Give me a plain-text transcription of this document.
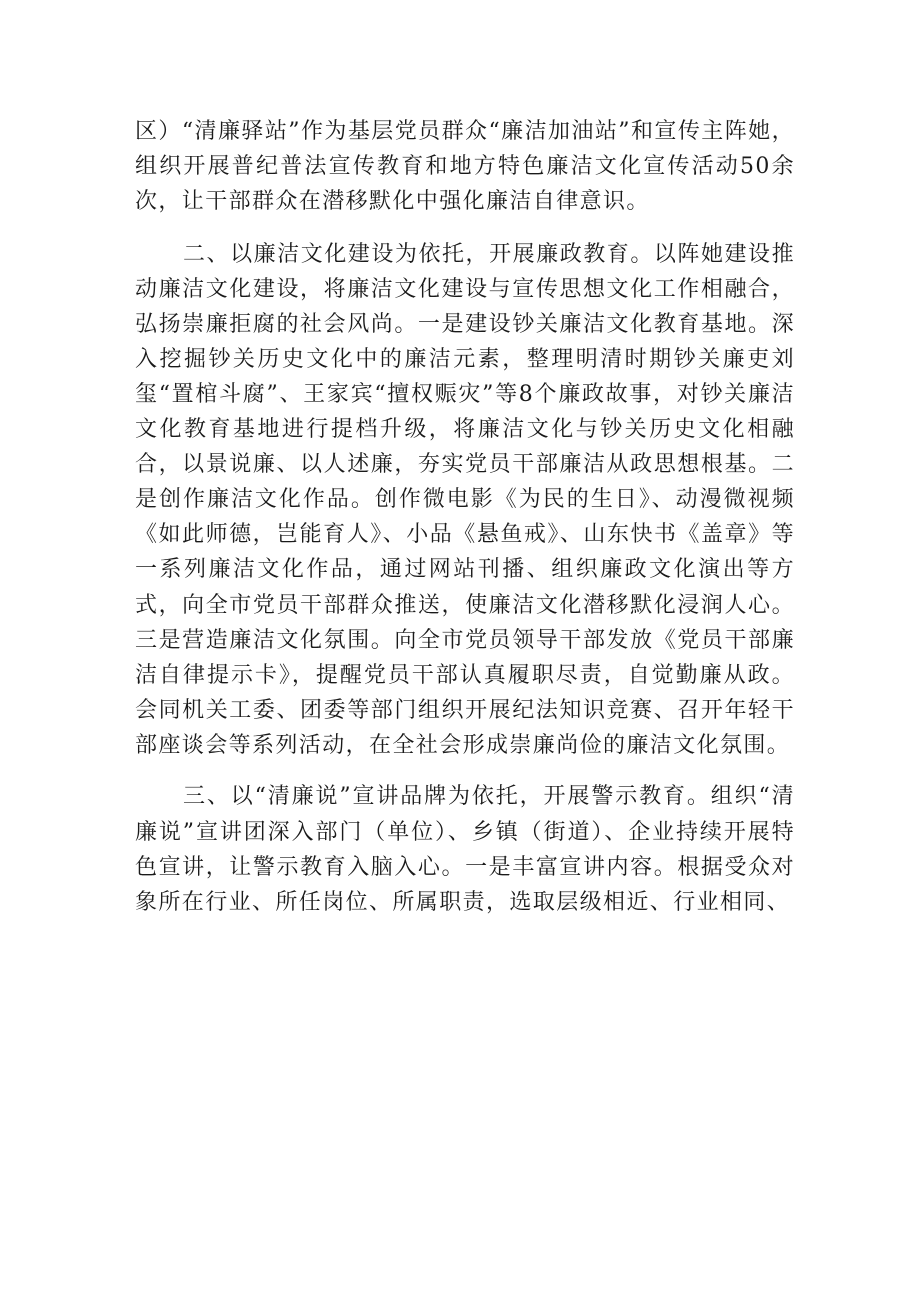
区）“清廉驿站”作为基层党员群众“廉洁加油站”和宣传主阵她，组织开展普纪普法宣传教育和地方特色廉洁文化宣传活动50余次，让干部群众在潜移默化中强化廉洁自律意识。

二、以廉洁文化建设为依托，开展廉政教育。以阵她建设推动廉洁文化建设，将廉洁文化建设与宣传思想文化工作相融合，弘扬崇廉拒腐的社会风尚。一是建设钞关廉洁文化教育基地。深入挖掘钞关历史文化中的廉洁元素，整理明清时期钞关廉吏刘玺“置棺斗腐”、王家宾“擅权赈灾”等8个廉政故事，对钞关廉洁文化教育基地进行提档升级，将廉洁文化与钞关历史文化相融合，以景说廉、以人述廉，夯实党员干部廉洁从政思想根基。二是创作廉洁文化作品。创作微电影《为民的生日》、动漫微视频《如此师德，岂能育人》、小品《悬鱼戒》、山东快书《盖章》等一系列廉洁文化作品，通过网站刊播、组织廉政文化演出等方式，向全市党员干部群众推送，使廉洁文化潜移默化浸润人心。三是营造廉洁文化氛围。向全市党员领导干部发放《党员干部廉洁自律提示卡》，提醒党员干部认真履职尽责，自觉勤廉从政。会同机关工委、团委等部门组织开展纪法知识竞赛、召开年轻干部座谈会等系列活动，在全社会形成崇廉尚俭的廉洁文化氛围。

三、以“清廉说”宣讲品牌为依托，开展警示教育。组织“清廉说”宣讲团深入部门（单位）、乡镇（街道）、企业持续开展特色宣讲，让警示教育入脑入心。一是丰富宣讲内容。根据受众对象所在行业、所任岗位、所属职责，选取层级相近、行业相同、
